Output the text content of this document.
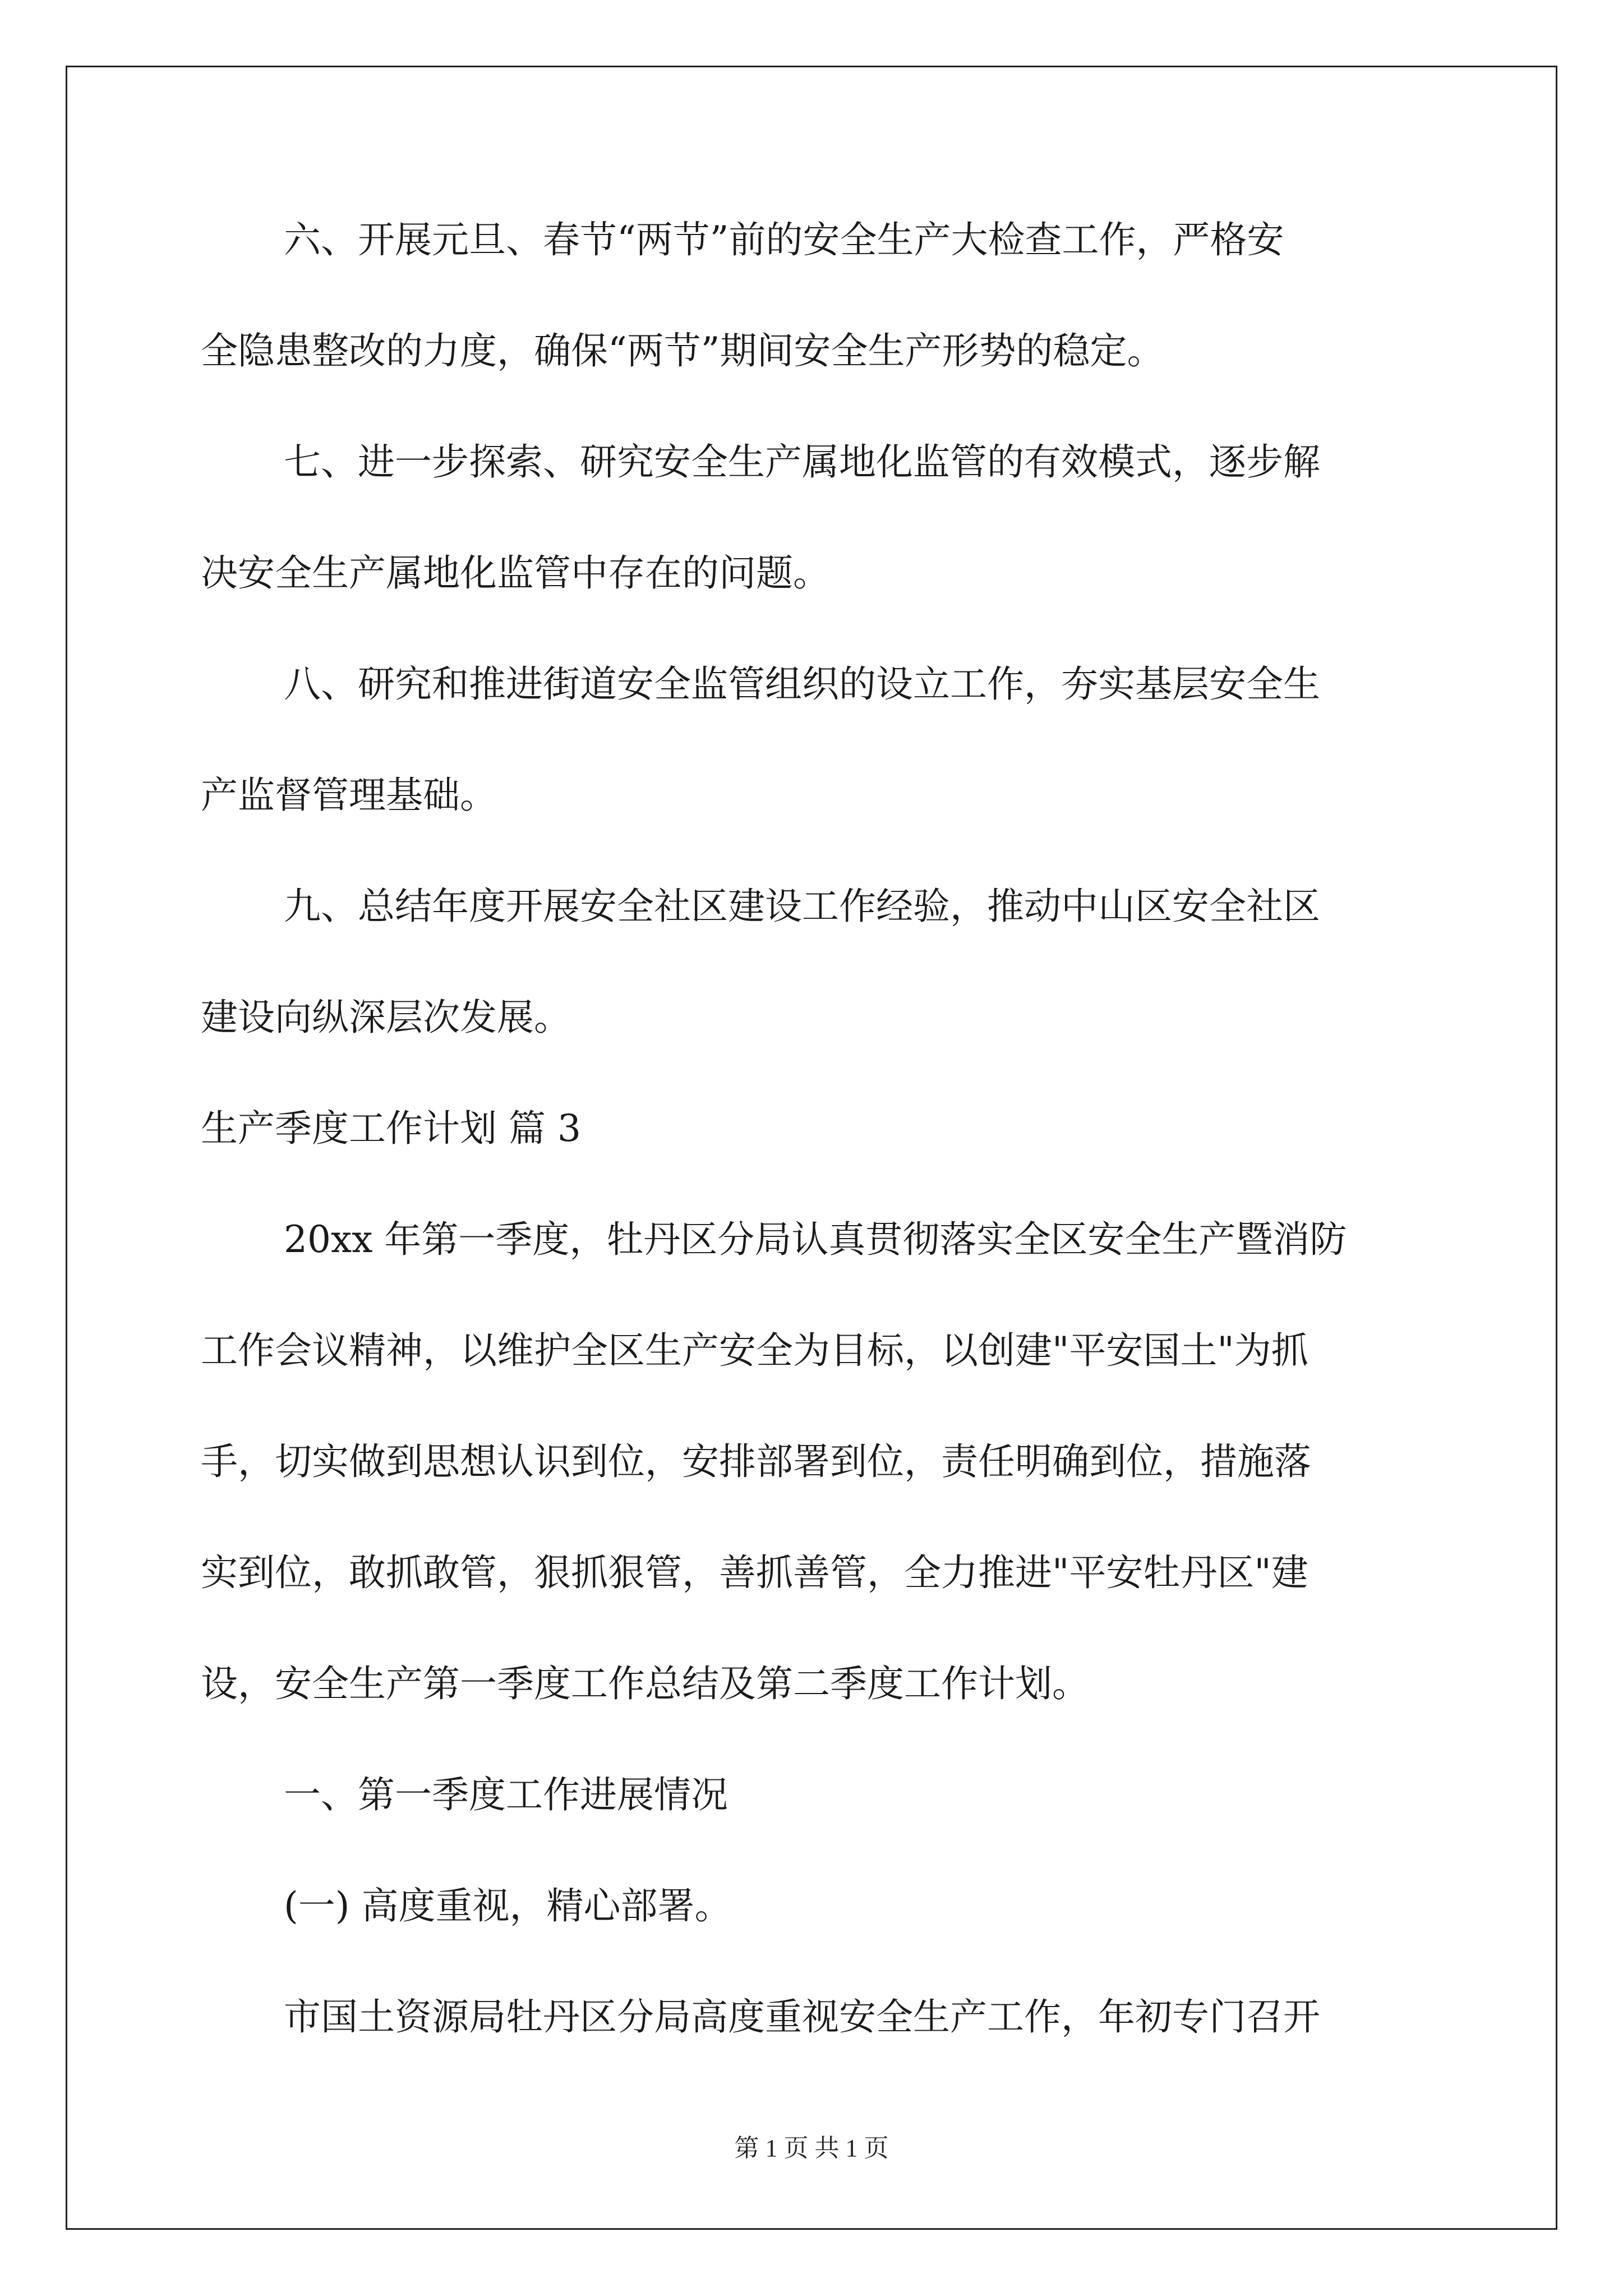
六、开展元旦、春节“两节”前的安全生产大检查工作，严格安
全隐患整改的力度，确保“两节”期间安全生产形势的稳定。
七、进一步探索、研究安全生产属地化监管的有效模式，逐步解
决安全生产属地化监管中存在的问题。
八、研究和推进街道安全监管组织的设立工作，夯实基层安全生
产监督管理基础。
九、总结年度开展安全社区建设工作经验，推动中山区安全社区
建设向纵深层次发展。
生产季度工作计划 篇 3
20xx 年第一季度，牡丹区分局认真贯彻落实全区安全生产暨消防
工作会议精神，以维护全区生产安全为目标，以创建"平安国土"为抓
手，切实做到思想认识到位，安排部署到位，责任明确到位，措施落
实到位，敢抓敢管，狠抓狠管，善抓善管，全力推进"平安牡丹区"建
设，安全生产第一季度工作总结及第二季度工作计划。
一、第一季度工作进展情况
(一) 高度重视，精心部署。
市国土资源局牡丹区分局高度重视安全生产工作，年初专门召开
第 1 页 共 1 页
